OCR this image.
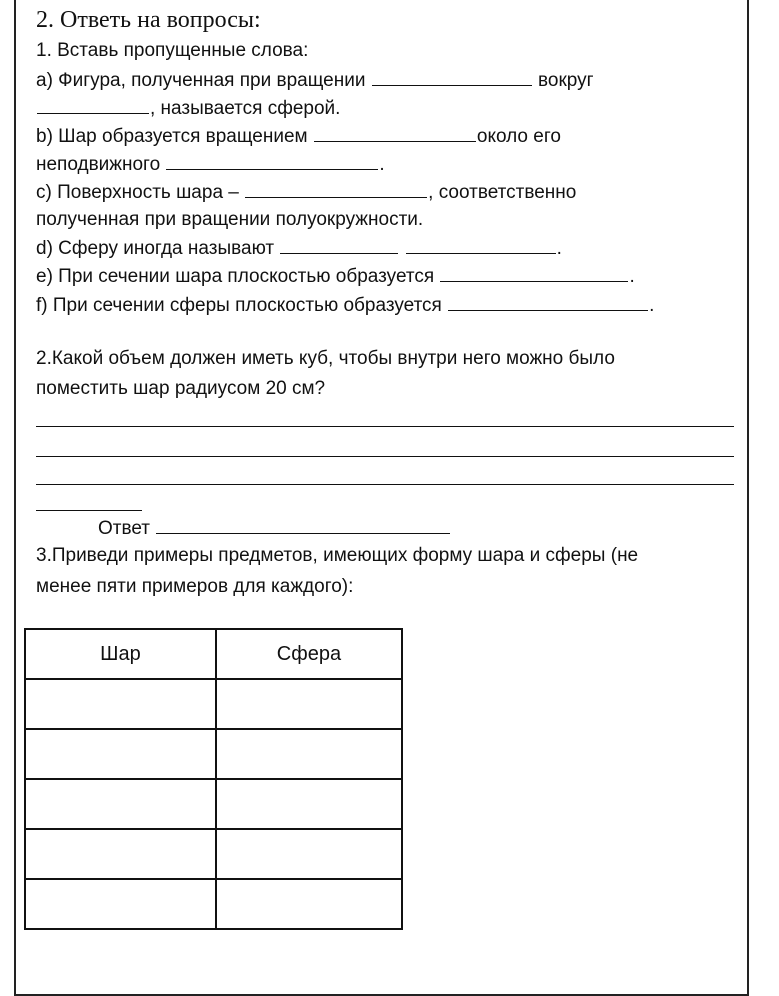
2. Ответь на вопросы:
1. Вставь пропущенные слова:
а) Фигура, полученная при вращении	вокруг
, называется сферой.
b) Шар образуется вращением	около его
неподвижного	.
c) Поверхность шара –	, соответственно
полученная при вращении полуокружности.
d) Сферу иногда называют	.
e) При сечении шара плоскостью образуется	.
f) При сечении сферы плоскостью образуется	.
2.Какой объем должен иметь куб, чтобы внутри него можно было
поместить шар радиусом 20 см?
Ответ
3.Приведи примеры предметов, имеющих форму шара и сферы (не
менее пяти примеров для каждого):
Шар	Сфера
